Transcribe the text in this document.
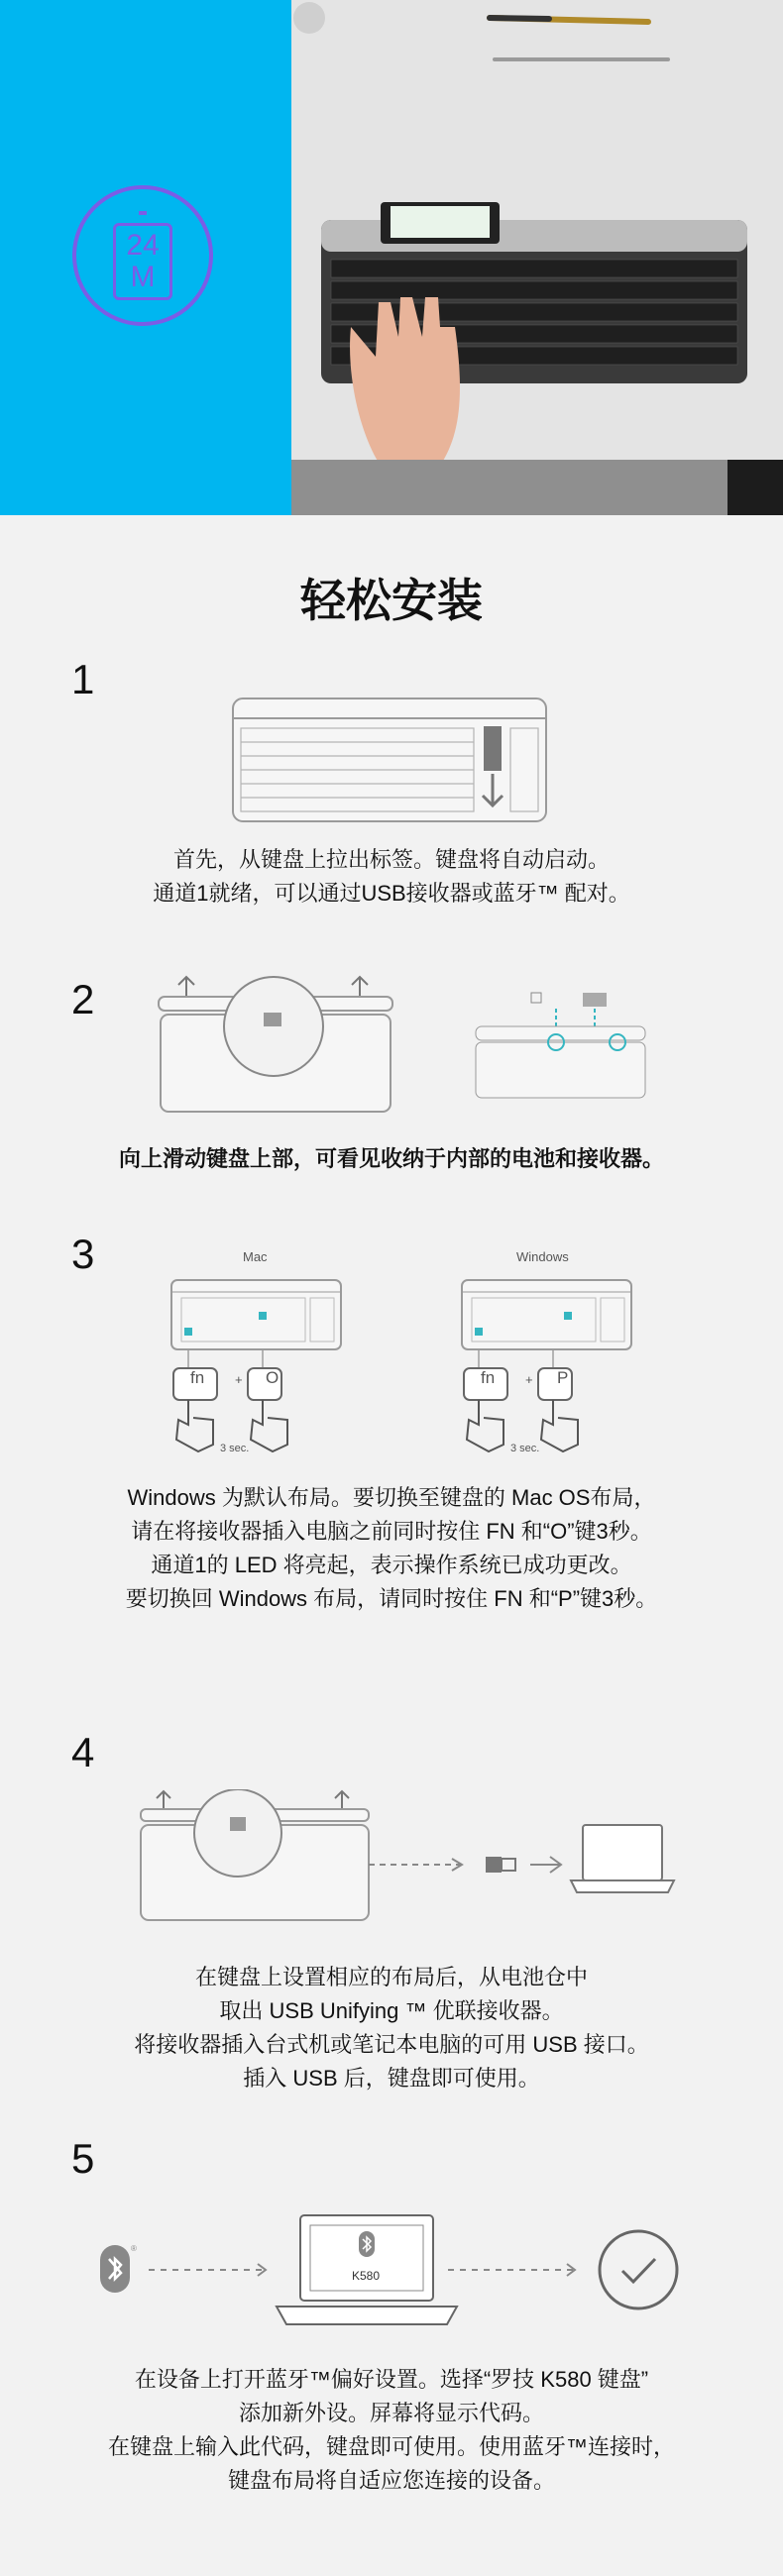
24
M
轻松安装
1
首先，从键盘上拉出标签。键盘将自动启动。
通道1就绪，可以通过USB接收器或蓝牙™ 配对。
2
向上滑动键盘上部，可看见收纳于内部的电池和接收器。
3	Mac	Windows
fn	O
+
3 sec.
fn	P
+
3 sec.
Windows 为默认布局。要切换至键盘的 Mac OS布局，
请在将接收器插入电脑之前同时按住 FN 和“O”键3秒。
通道1的 LED 将亮起，表示操作系统已成功更改。
要切换回 Windows 布局，请同时按住 FN 和“P”键3秒。
4
在键盘上设置相应的布局后，从电池仓中
取出 USB Unifying ™ 优联接收器。
将接收器插入台式机或笔记本电脑的可用 USB 接口。
插入 USB 后，键盘即可使用。
5
®
K580
在设备上打开蓝牙™偏好设置。选择“罗技 K580 键盘”
添加新外设。屏幕将显示代码。
在键盘上输入此代码，键盘即可使用。使用蓝牙™连接时，
键盘布局将自适应您连接的设备。
